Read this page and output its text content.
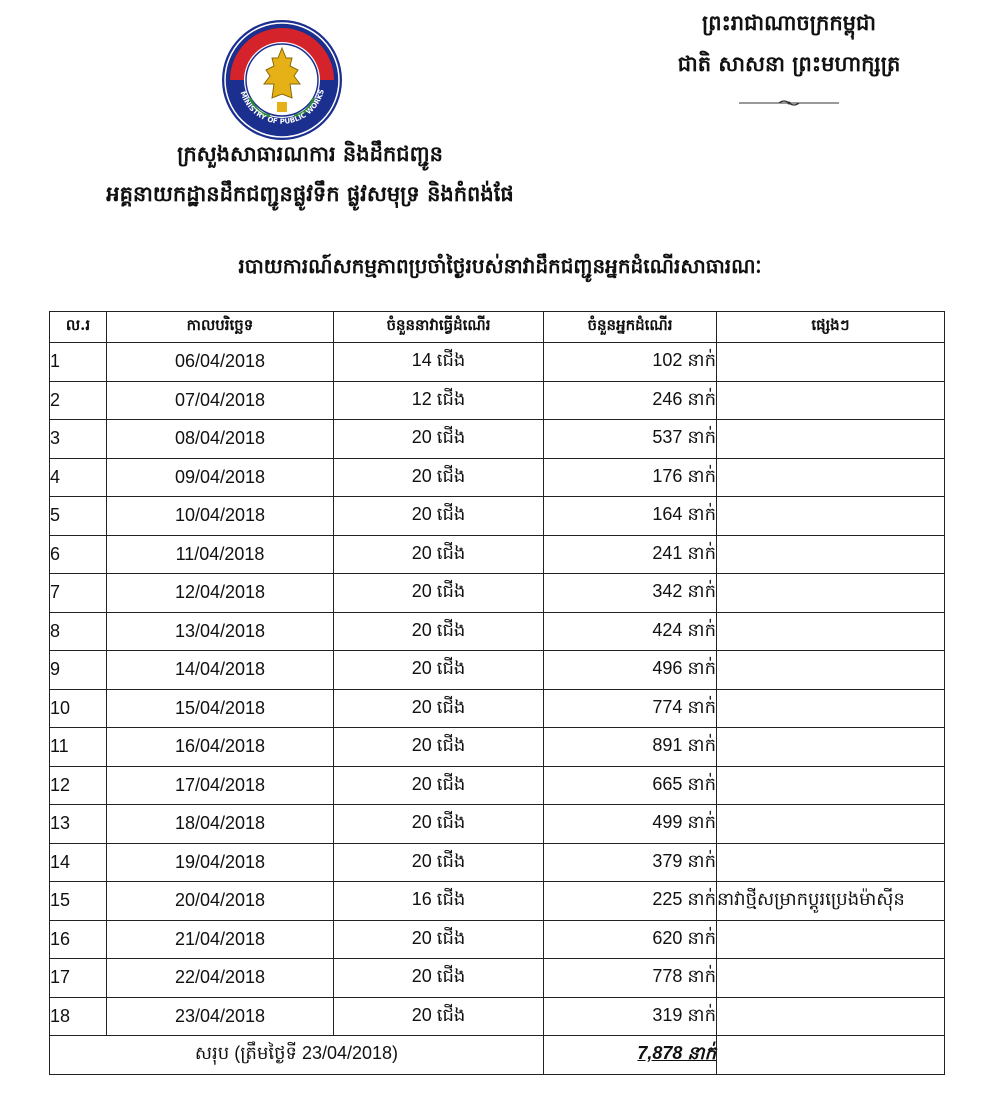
MINISTRY OF PUBLIC WORKS
ព្រះរាជាណាចក្រកម្ពុជា
ជាតិ សាសនា ព្រះមហាក្សត្រ
ក្រសួងសាធារណការ និងដឹកជញ្ជូន
អគ្គនាយកដ្ឋានដឹកជញ្ជូនផ្លូវទឹក ផ្លូវសមុទ្រ និងកំពង់ផែ
របាយការណ៍សកម្មភាពប្រចាំថ្ងៃរបស់នាវាដឹកជញ្ជូនអ្នកដំណើរសាធារណៈ
ល.រ	កាលបរិច្ឆេទ	ចំនួននាវាធ្វើដំណើរ	ចំនួនអ្នកដំណើរ	ផ្សេងៗ
1	06/04/2018	14 ជើង	102 នាក់	
2	07/04/2018	12 ជើង	246 នាក់	
3	08/04/2018	20 ជើង	537 នាក់	
4	09/04/2018	20 ជើង	176 នាក់	
5	10/04/2018	20 ជើង	164 នាក់	
6	11/04/2018	20 ជើង	241 នាក់	
7	12/04/2018	20 ជើង	342 នាក់	
8	13/04/2018	20 ជើង	424 នាក់	
9	14/04/2018	20 ជើង	496 នាក់	
10	15/04/2018	20 ជើង	774 នាក់	
11	16/04/2018	20 ជើង	891 នាក់	
12	17/04/2018	20 ជើង	665 នាក់	
13	18/04/2018	20 ជើង	499 នាក់	
14	19/04/2018	20 ជើង	379 នាក់	
15	20/04/2018	16 ជើង	225 នាក់	នាវាថ្មីសម្រាកប្តូរប្រេងម៉ាស៊ីន
16	21/04/2018	20 ជើង	620 នាក់	
17	22/04/2018	20 ជើង	778 នាក់	
18	23/04/2018	20 ជើង	319 នាក់	
សរុប (ត្រឹមថ្ងៃទី 23/04/2018)			7,878 នាក់	
